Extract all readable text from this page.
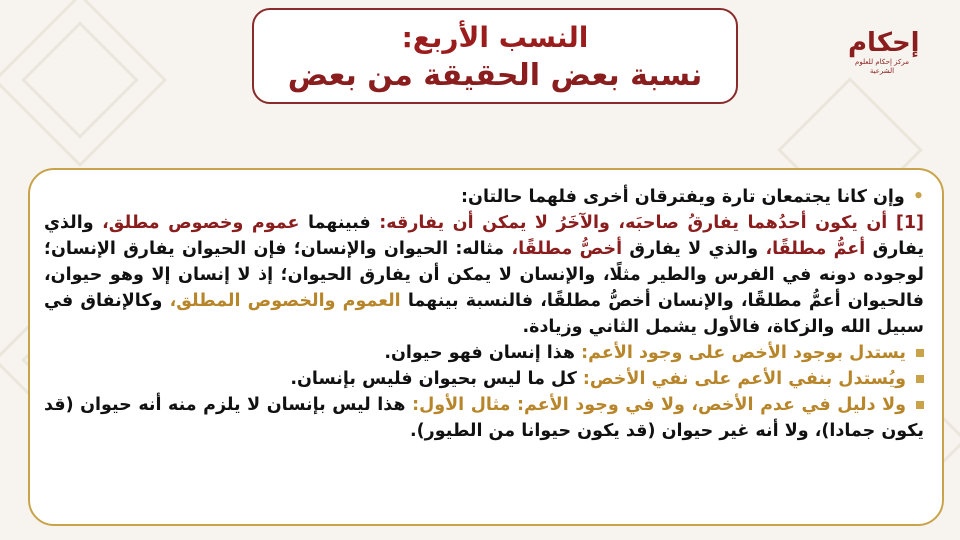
النسب الأربع:
نسبة بعض الحقيقة من بعض
إحكام
مركز إحكام للعلوم الشرعية

•وإن كانا يجتمعان تارة ويفترقان أخرى فلهما حالتان:

[1] أن يكون أحدُهما يفارقُ صاحبَه، والآخَرُ لا يمكن أن يفارقه: فبينهما عموم وخصوص مطلق، والذي يفارق أعمُّ مطلقًا، والذي لا يفارق أخصُّ مطلقًا، مثاله: الحيوان والإنسان؛ فإن الحيوان يفارق الإنسان؛ لوجوده دونه في الفرس والطير مثلًا، والإنسان لا يمكن أن يفارق الحيوان؛ إذ لا إنسان إلا وهو حيوان، فالحيوان أعمُّ مطلقًا، والإنسان أخصُّ مطلقًا، فالنسبة بينهما العموم والخصوص المطلق، وكالإنفاق في سبيل الله والزكاة، فالأول يشمل الثاني وزيادة.

يستدل بوجود الأخص على وجود الأعم: هذا إنسان فهو حيوان.

ويُستدل بنفي الأعم على نفي الأخص: كل ما ليس بحيوان فليس بإنسان.

ولا دليل في عدم الأخص، ولا في وجود الأعم: مثال الأول: هذا ليس بإنسان لا يلزم منه أنه حيوان (قد يكون جمادا)، ولا أنه غير حيوان (قد يكون حيوانا من الطيور).
